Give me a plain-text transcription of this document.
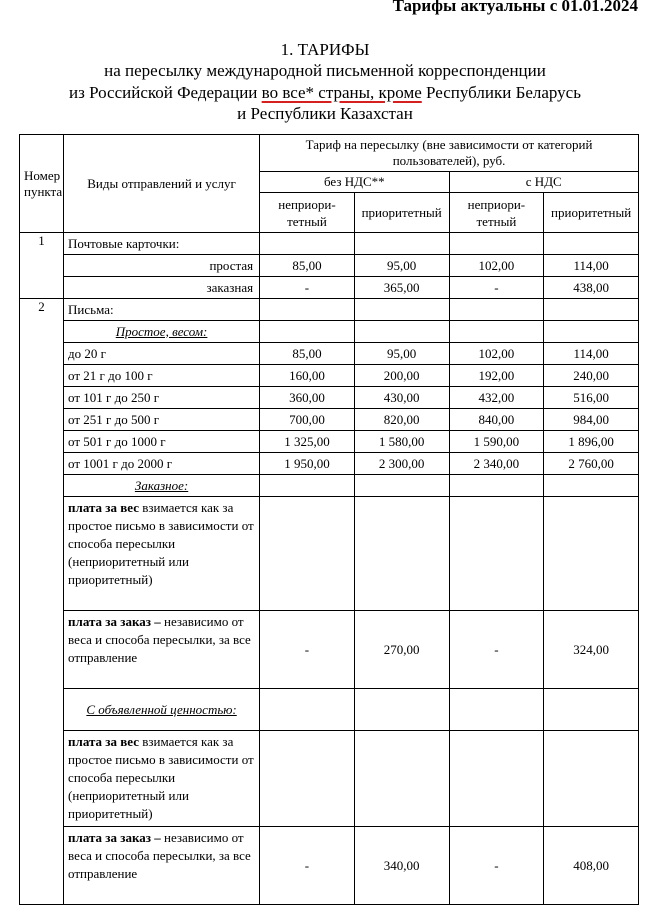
Тарифы актуальны с 01.01.2024
1. ТАРИФЫ
на пересылку международной письменной корреспонденции
из Российской Федерации во все* страны, кроме Республики Беларусь
и Республики Казахстан
Номер пункта	Виды отправлений и услуг	Тариф на пересылку (вне зависимости от категорий пользователей), руб.			
		без НДС**		с НДС	
		неприори-тетный	приоритетный	неприори-тетный	приоритетный
1	Почтовые карточки:				
	простая	85,00	95,00	102,00	114,00
	заказная	-	365,00	-	438,00
2	Письма:				
	Простое, весом:				
	до 20 г	85,00	95,00	102,00	114,00
	от 21 г до 100 г	160,00	200,00	192,00	240,00
	от 101 г до 250 г	360,00	430,00	432,00	516,00
	от 251 г до 500 г	700,00	820,00	840,00	984,00
	от 501 г до 1000 г	1 325,00	1 580,00	1 590,00	1 896,00
	от 1001 г до 2000 г	1 950,00	2 300,00	2 340,00	2 760,00
	Заказное:				
	плата за вес взимается как за простое письмо в зависимости от способа пересылки (неприоритетный или приоритетный)				
	плата за заказ – независимо от веса и способа пересылки, за все отправление	-	270,00	-	324,00
	С объявленной ценностью:				
	плата за вес взимается как за простое письмо в зависимости от способа пересылки (неприоритетный или приоритетный)				
	плата за заказ – независимо от веса и способа пересылки, за все отправление	-	340,00	-	408,00
